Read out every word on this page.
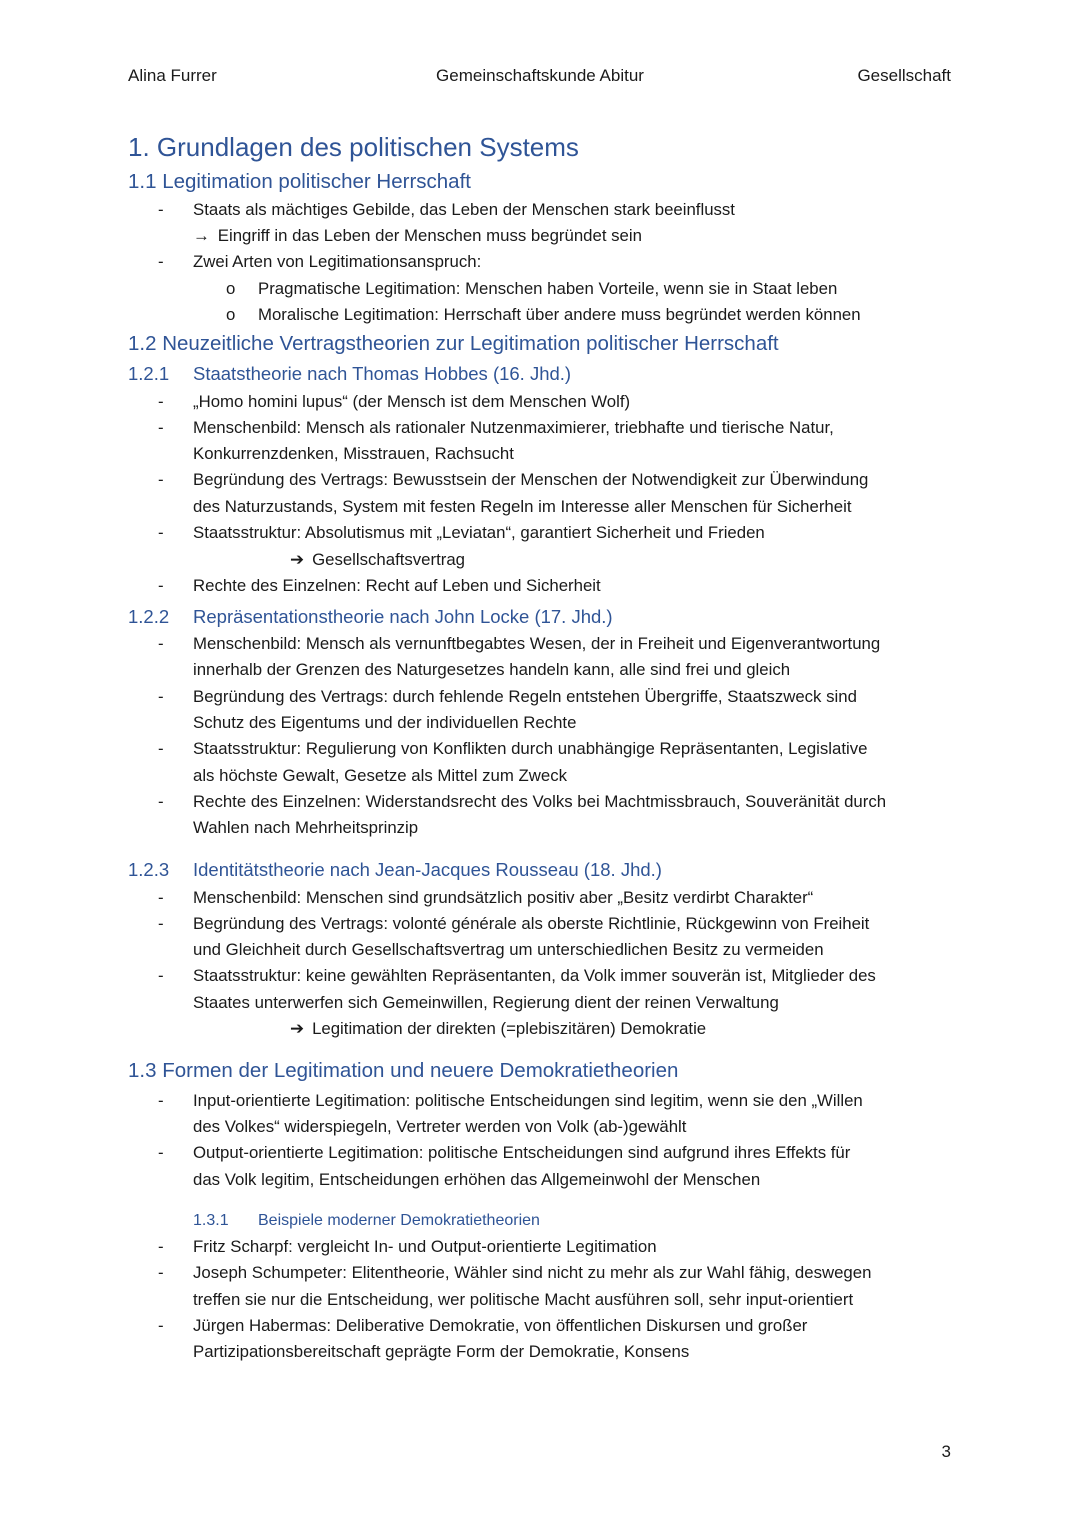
Alina Furrer	Gemeinschaftskunde Abitur	Gesellschaft
1. Grundlagen des politischen Systems
1.1 Legitimation politischer Herrschaft
- Staats als mächtiges Gebilde, das Leben der Menschen stark beeinflusst
→ Eingriff in das Leben der Menschen muss begründet sein
- Zwei Arten von Legitimationsanspruch:
o Pragmatische Legitimation: Menschen haben Vorteile, wenn sie in Staat leben
o Moralische Legitimation: Herrschaft über andere muss begründet werden können
1.2 Neuzeitliche Vertragstheorien zur Legitimation politischer Herrschaft
1.2.1 Staatstheorie nach Thomas Hobbes (16. Jhd.)
- „Homo homini lupus“ (der Mensch ist dem Menschen Wolf)
- Menschenbild: Mensch als rationaler Nutzenmaximierer, triebhafte und tierische Natur,
Konkurrenzdenken, Misstrauen, Rachsucht
- Begründung des Vertrags: Bewusstsein der Menschen der Notwendigkeit zur Überwindung
des Naturzustands, System mit festen Regeln im Interesse aller Menschen für Sicherheit
- Staatsstruktur: Absolutismus mit „Leviatan“, garantiert Sicherheit und Frieden
➔ Gesellschaftsvertrag
- Rechte des Einzelnen: Recht auf Leben und Sicherheit
1.2.2 Repräsentationstheorie nach John Locke (17. Jhd.)
- Menschenbild: Mensch als vernunftbegabtes Wesen, der in Freiheit und Eigenverantwortung
innerhalb der Grenzen des Naturgesetzes handeln kann, alle sind frei und gleich
- Begründung des Vertrags: durch fehlende Regeln entstehen Übergriffe, Staatszweck sind
Schutz des Eigentums und der individuellen Rechte
- Staatsstruktur: Regulierung von Konflikten durch unabhängige Repräsentanten, Legislative
als höchste Gewalt, Gesetze als Mittel zum Zweck
- Rechte des Einzelnen: Widerstandsrecht des Volks bei Machtmissbrauch, Souveränität durch
Wahlen nach Mehrheitsprinzip
1.2.3 Identitätstheorie nach Jean-Jacques Rousseau (18. Jhd.)
- Menschenbild: Menschen sind grundsätzlich positiv aber „Besitz verdirbt Charakter“
- Begründung des Vertrags: volonté générale als oberste Richtlinie, Rückgewinn von Freiheit
und Gleichheit durch Gesellschaftsvertrag um unterschiedlichen Besitz zu vermeiden
- Staatsstruktur: keine gewählten Repräsentanten, da Volk immer souverän ist, Mitglieder des
Staates unterwerfen sich Gemeinwillen, Regierung dient der reinen Verwaltung
➔ Legitimation der direkten (=plebiszitären) Demokratie
1.3 Formen der Legitimation und neuere Demokratietheorien
- Input-orientierte Legitimation: politische Entscheidungen sind legitim, wenn sie den „Willen
des Volkes“ widerspiegeln, Vertreter werden von Volk (ab-)gewählt
- Output-orientierte Legitimation: politische Entscheidungen sind aufgrund ihres Effekts für
das Volk legitim, Entscheidungen erhöhen das Allgemeinwohl der Menschen
1.3.1 Beispiele moderner Demokratietheorien
- Fritz Scharpf: vergleicht In- und Output-orientierte Legitimation
- Joseph Schumpeter: Elitentheorie, Wähler sind nicht zu mehr als zur Wahl fähig, deswegen
treffen sie nur die Entscheidung, wer politische Macht ausführen soll, sehr input-orientiert
- Jürgen Habermas: Deliberative Demokratie, von öffentlichen Diskursen und großer
Partizipationsbereitschaft geprägte Form der Demokratie, Konsens
3
